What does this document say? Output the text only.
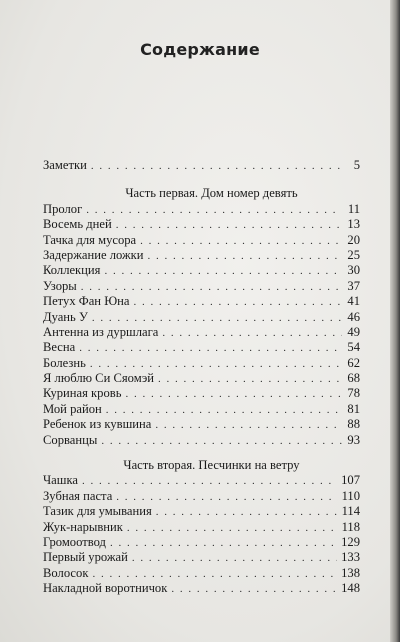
Содержание
Заметки . . .	5
Часть первая. Дом номер девять
Пролог . . .	11
Восемь дней . . .	13
Тачка для мусора . . .	20
Задержание ложки . . .	25
Коллекция . . .	30
Узоры . . .	37
Петух Фан Юна . . .	41
Дуань У . . .	46
Антенна из дуршлага . . .	49
Весна . . .	54
Болезнь . . .	62
Я люблю Си Сяомэй . . .	68
Куриная кровь . . .	78
Мой район . . .	81
Ребенок из кувшина . . .	88
Сорванцы . . .	93
Часть вторая. Песчинки на ветру
Чашка . . .	107
Зубная паста . . .	110
Тазик для умывания . . .	114
Жук-нарывник . . .	118
Громоотвод . . .	129
Первый урожай . . .	133
Волосок . . .	138
Накладной воротничок . . .	148
